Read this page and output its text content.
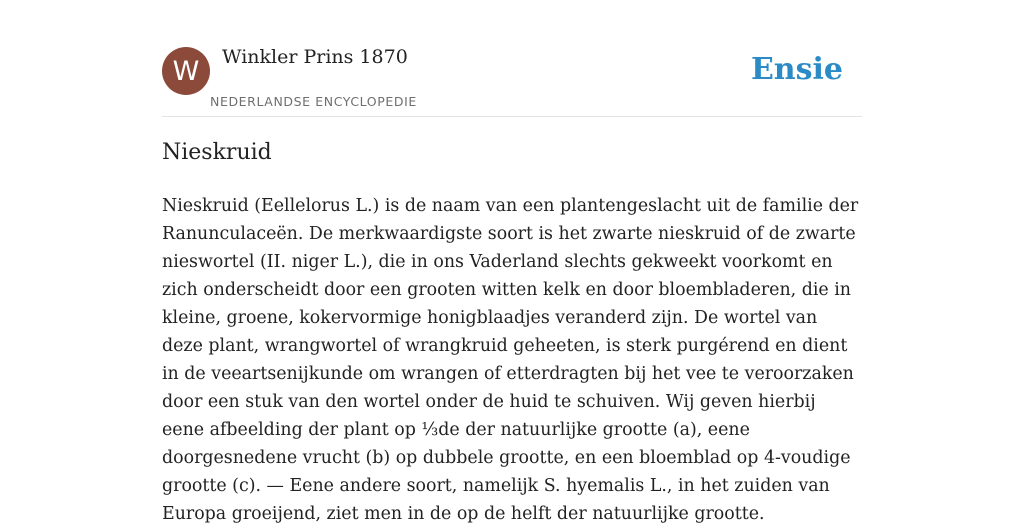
W	Winkler Prins 1870
NEDERLANDSE ENCYCLOPEDIE
Ensie
Nieskruid

Nieskruid (Eellelorus L.) is de naam van een plantengeslacht uit de familie der Ranunculaceën. De merkwaardigste soort is het zwarte nieskruid of de zwarte nieswortel (II. niger L.), die in ons Vaderland slechts gekweekt voorkomt en zich onderscheidt door een grooten witten kelk en door bloembladeren, die in kleine, groene, kokervormige honigblaadjes veranderd zijn. De wortel van deze plant, wrangwortel of wrangkruid geheeten, is sterk purgérend en dient in de veeartsenijkunde om wrangen of etterdragten bij het vee te veroorzaken door een stuk van den wortel onder de huid te schuiven. Wij geven hierbij eene afbeelding der plant op ⅓de der natuurlijke grootte (a), eene doorgesnedene vrucht (b) op dubbele grootte, en een bloemblad op 4-voudige grootte (c). — Eene andere soort, namelijk S. hyemalis L., in het zuiden van Europa groeijend, ziet men in de op de helft der natuurlijke grootte.
